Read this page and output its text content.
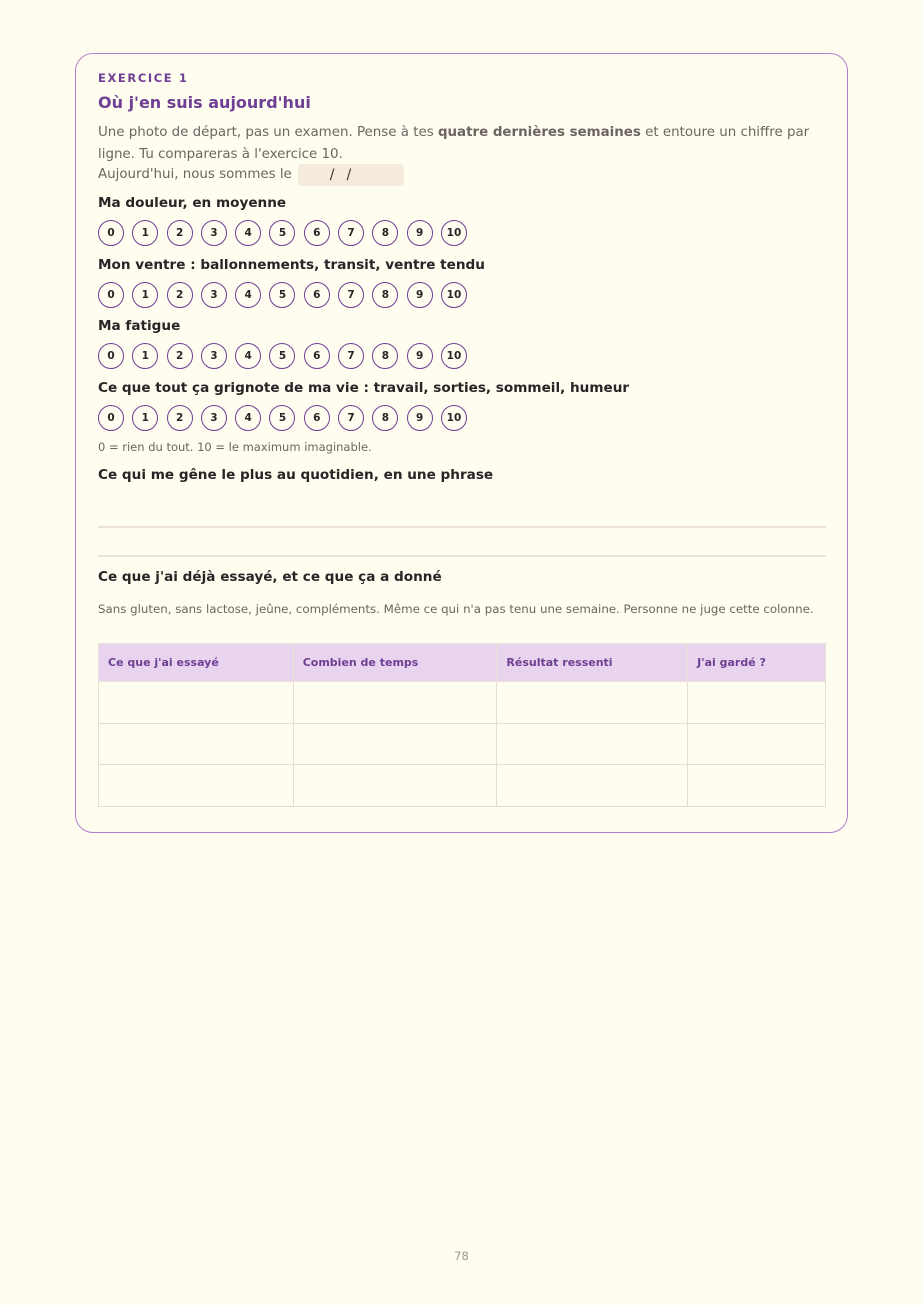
EXERCICE 1
Où j'en suis aujourd'hui
Une photo de départ, pas un examen. Pense à tes quatre dernières semaines et entoure un chiffre par ligne. Tu compareras à l'exercice 10.
Aujourd'hui, nous sommes le	//
Ma douleur, en moyenne
0	1	2	3	4	5	6	7	8	9	10
Mon ventre : ballonnements, transit, ventre tendu
0	1	2	3	4	5	6	7	8	9	10
Ma fatigue
0	1	2	3	4	5	6	7	8	9	10
Ce que tout ça grignote de ma vie : travail, sorties, sommeil, humeur
0	1	2	3	4	5	6	7	8	9	10
0 = rien du tout. 10 = le maximum imaginable.
Ce qui me gêne le plus au quotidien, en une phrase
Ce que j'ai déjà essayé, et ce que ça a donné
Sans gluten, sans lactose, jeûne, compléments. Même ce qui n'a pas tenu une semaine. Personne ne juge cette colonne.
Ce que j'ai essayé	Combien de temps	Résultat ressenti	J'ai gardé ?

78
